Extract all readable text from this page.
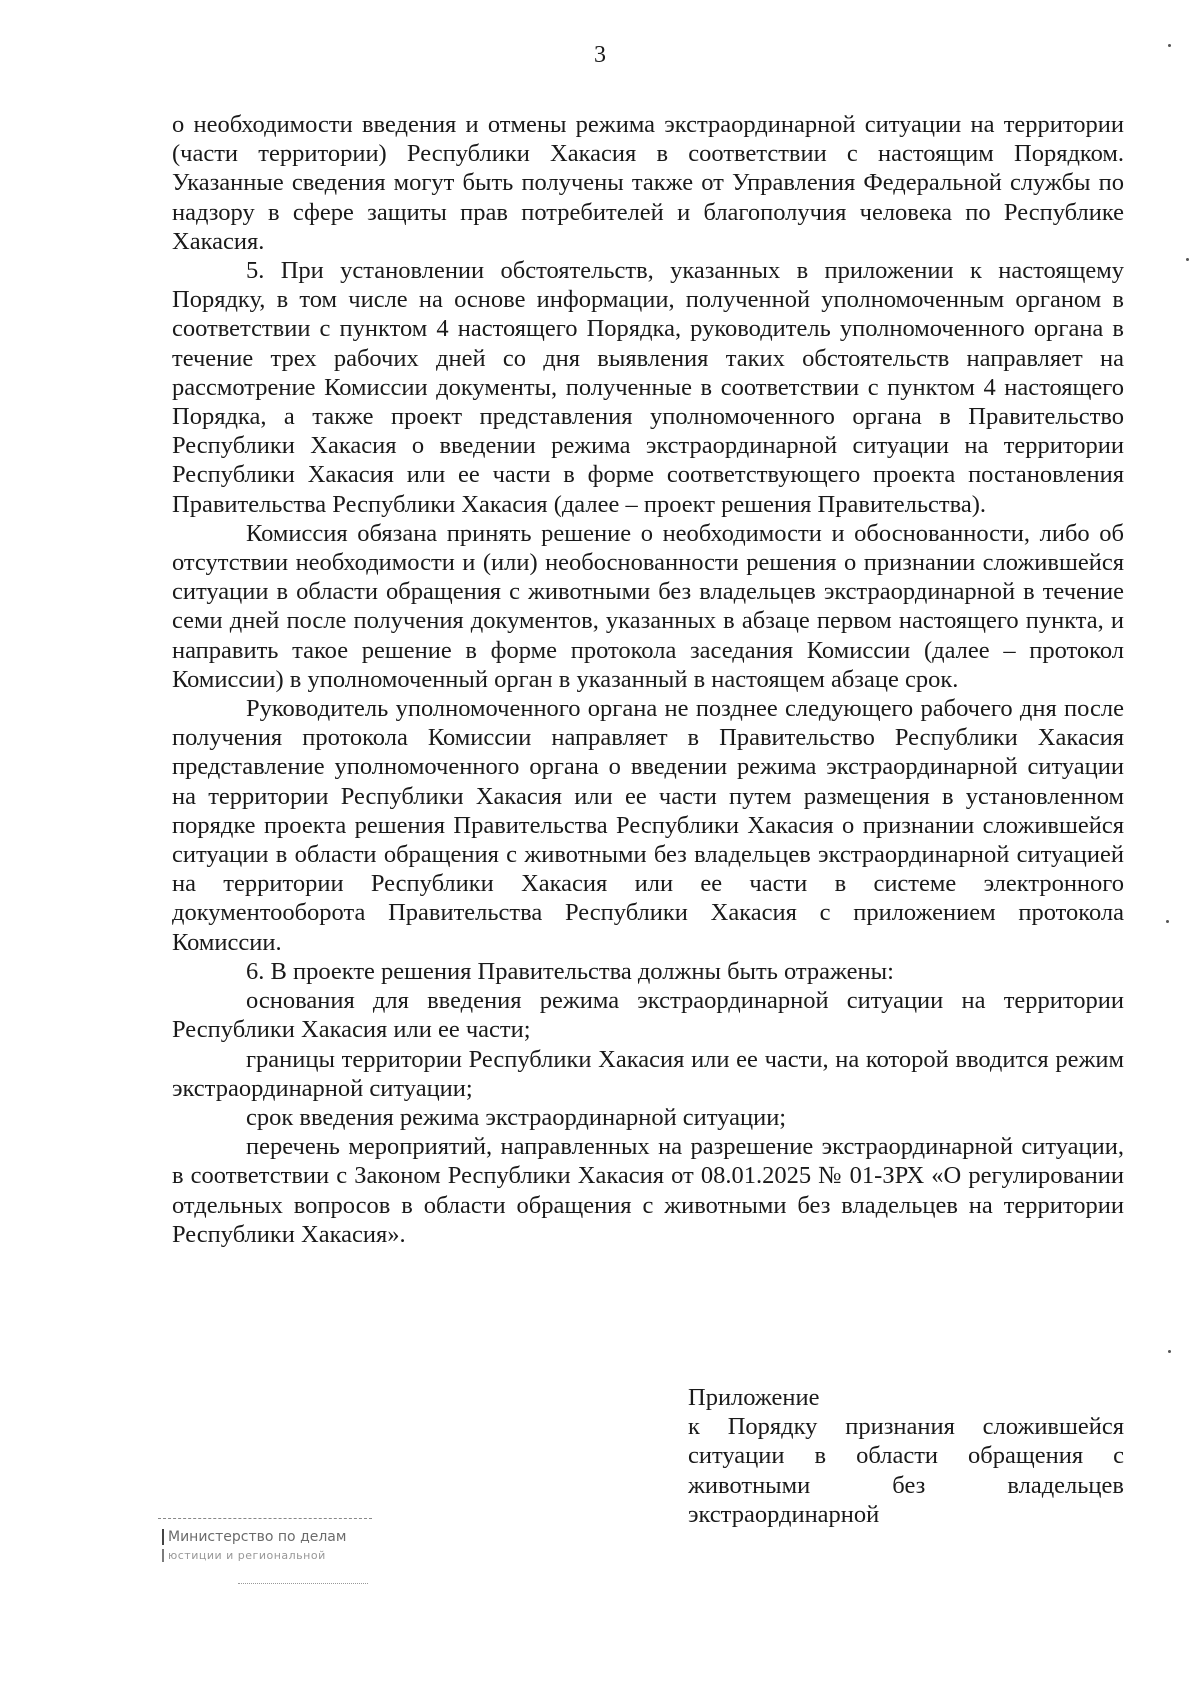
3

о необходимости введения и отмены режима экстраординарной ситуации на территории (части территории) Республики Хакасия в соответствии с настоящим Порядком. Указанные сведения могут быть получены также от Управления Федеральной службы по надзору в сфере защиты прав потребителей и благополучия человека по Республике Хакасия.

5. При установлении обстоятельств, указанных в приложении к настоящему Порядку, в том числе на основе информации, полученной уполномоченным органом в соответствии с пунктом 4 настоящего Порядка, руководитель уполномоченного органа в течение трех рабочих дней со дня выявления таких обстоятельств направляет на рассмотрение Комиссии документы, полученные в соответствии с пунктом 4 настоящего Порядка, а также проект представления уполномоченного органа в Правительство Республики Хакасия о введении режима экстраординарной ситуации на территории Республики Хакасия или ее части в форме соответствующего проекта постановления Правительства Республики Хакасия (далее – проект решения Правительства).

Комиссия обязана принять решение о необходимости и обоснованности, либо об отсутствии необходимости и (или) необоснованности решения о признании сложившейся ситуации в области обращения с животными без владельцев экстраординарной в течение семи дней после получения документов, указанных в абзаце первом настоящего пункта, и направить такое решение в форме протокола заседания Комиссии (далее – протокол Комиссии) в уполномоченный орган в указанный в настоящем абзаце срок.

Руководитель уполномоченного органа не позднее следующего рабочего дня после получения протокола Комиссии направляет в Правительство Республики Хакасия представление уполномоченного органа о введении режима экстраординарной ситуации на территории Республики Хакасия или ее части путем размещения в установленном порядке проекта решения Правительства Республики Хакасия о признании сложившейся ситуации в области обращения с животными без владельцев экстраординарной ситуацией на территории Республики Хакасия или ее части в системе электронного документооборота Правительства Республики Хакасия с приложением протокола Комиссии.

6. В проекте решения Правительства должны быть отражены:

основания для введения режима экстраординарной ситуации на территории Республики Хакасия или ее части;

границы территории Республики Хакасия или ее части, на которой вводится режим экстраординарной ситуации;

срок введения режима экстраординарной ситуации;

перечень мероприятий, направленных на разрешение экстраординарной ситуации, в соответствии с Законом Республики Хакасия от 08.01.2025 № 01-ЗРХ «О регулировании отдельных вопросов в области обращения с животными без владельцев на территории Республики Хакасия».

Приложение

к Порядку признания сложившейся ситуации в области обращения с животными без владельцев экстраординарной

Министерство по делам
юстиции и региональной
